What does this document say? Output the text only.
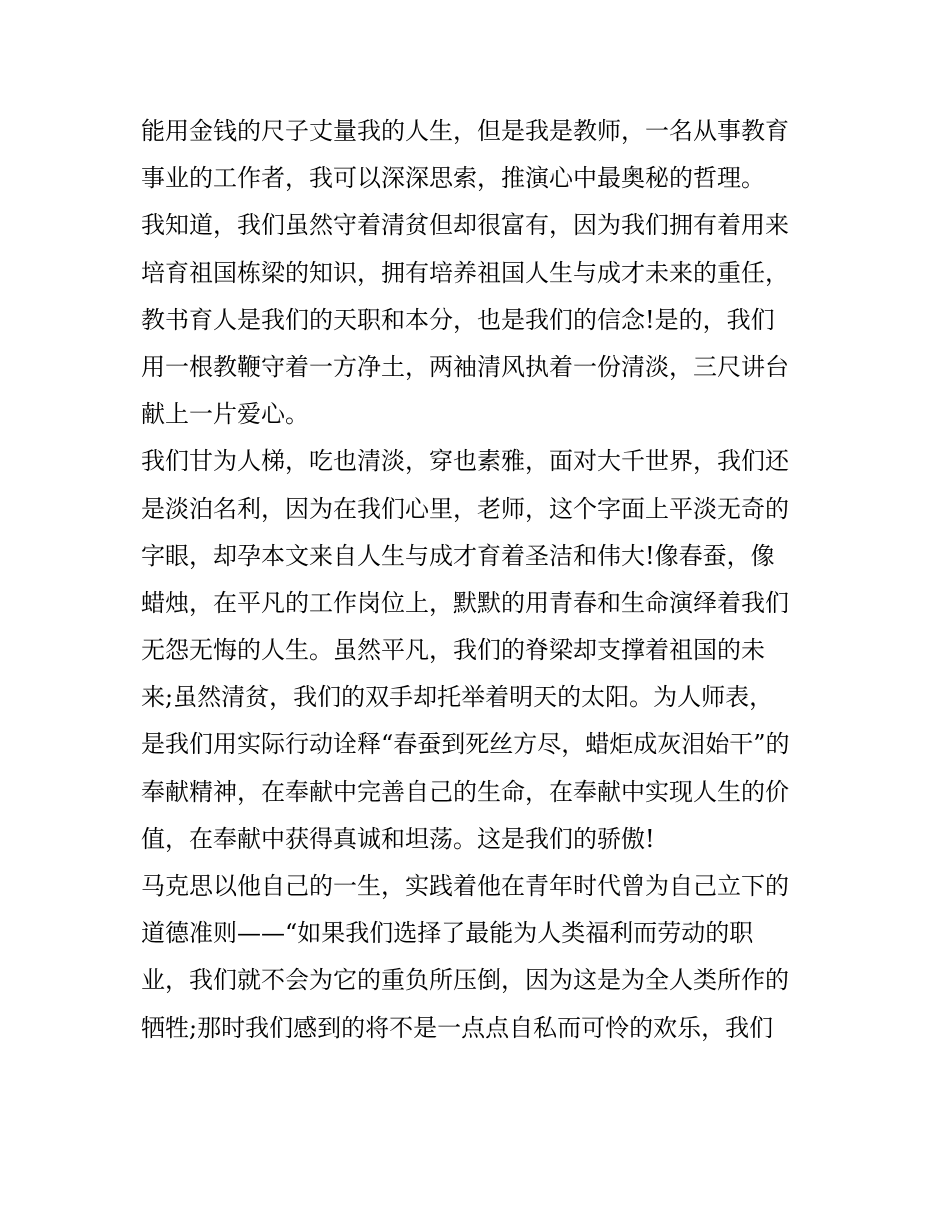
能用金钱的尺子丈量我的人生，但是我是教师，一名从事教育
事业的工作者，我可以深深思索，推演心中最奥秘的哲理。
我知道，我们虽然守着清贫但却很富有，因为我们拥有着用来
培育祖国栋梁的知识，拥有培养祖国人生与成才未来的重任，
教书育人是我们的天职和本分，也是我们的信念!是的，我们
用一根教鞭守着一方净土，两袖清风执着一份清淡，三尺讲台
献上一片爱心。
我们甘为人梯，吃也清淡，穿也素雅，面对大千世界，我们还
是淡泊名利，因为在我们心里，老师，这个字面上平淡无奇的
字眼，却孕本文来自人生与成才育着圣洁和伟大!像春蚕，像
蜡烛，在平凡的工作岗位上，默默的用青春和生命演绎着我们
无怨无悔的人生。虽然平凡，我们的脊梁却支撑着祖国的未
来;虽然清贫，我们的双手却托举着明天的太阳。为人师表，
是我们用实际行动诠释“春蚕到死丝方尽，蜡炬成灰泪始干”的
奉献精神，在奉献中完善自己的生命，在奉献中实现人生的价
值，在奉献中获得真诚和坦荡。这是我们的骄傲!
马克思以他自己的一生，实践着他在青年时代曾为自己立下的
道德准则——“如果我们选择了最能为人类福利而劳动的职
业，我们就不会为它的重负所压倒，因为这是为全人类所作的
牺牲;那时我们感到的将不是一点点自私而可怜的欢乐，我们
